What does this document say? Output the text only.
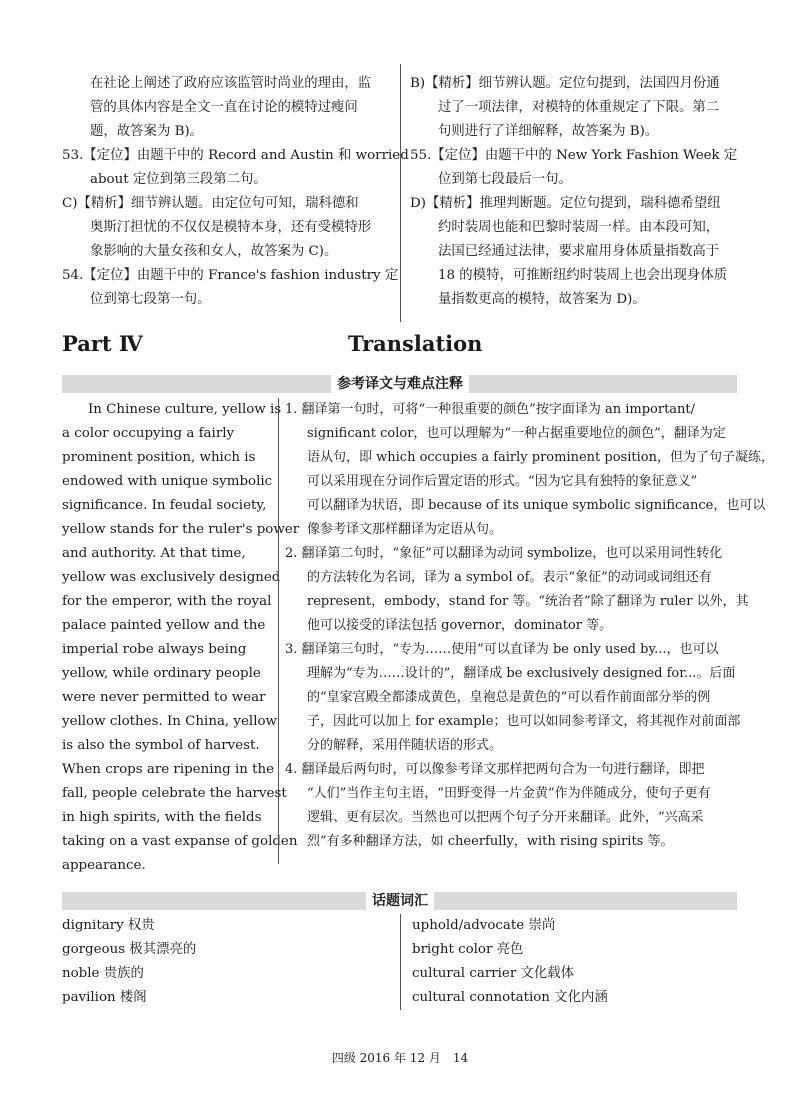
在社论上阐述了政府应该监管时尚业的理由，监
管的具体内容是全文一直在讨论的模特过瘦问
题，故答案为 B)。
53.【定位】由题干中的 Record and Austin 和 worried
about 定位到第三段第二句。
C)【精析】细节辨认题。由定位句可知，瑞科德和
奥斯汀担忧的不仅仅是模特本身，还有受模特形
象影响的大量女孩和女人，故答案为 C)。
54.【定位】由题干中的 France's fashion industry 定
位到第七段第一句。
B)【精析】细节辨认题。定位句提到，法国四月份通
过了一项法律，对模特的体重规定了下限。第二
句则进行了详细解释，故答案为 B)。
55.【定位】由题干中的 New York Fashion Week 定
位到第七段最后一句。
D)【精析】推理判断题。定位句提到，瑞科德希望纽
约时装周也能和巴黎时装周一样。由本段可知，
法国已经通过法律，要求雇用身体质量指数高于
18 的模特，可推断纽约时装周上也会出现身体质
量指数更高的模特，故答案为 D)。
Part Ⅳ	Translation
参考译文与难点注释
In Chinese culture, yellow is
a color occupying a fairly
prominent position, which is
endowed with unique symbolic
significance. In feudal society,
yellow stands for the ruler's power
and authority. At that time,
yellow was exclusively designed
for the emperor, with the royal
palace painted yellow and the
imperial robe always being
yellow, while ordinary people
were never permitted to wear
yellow clothes. In China, yellow
is also the symbol of harvest.
When crops are ripening in the
fall, people celebrate the harvest
in high spirits, with the fields
taking on a vast expanse of golden
appearance.
1. 翻译第一句时，可将“一种很重要的颜色”按字面译为 an important/
significant color，也可以理解为“一种占据重要地位的颜色”，翻译为定
语从句，即 which occupies a fairly prominent position，但为了句子凝练，
可以采用现在分词作后置定语的形式。“因为它具有独特的象征意义”
可以翻译为状语，即 because of its unique symbolic significance，也可以
像参考译文那样翻译为定语从句。
2. 翻译第二句时，“象征”可以翻译为动词 symbolize，也可以采用词性转化
的方法转化为名词，译为 a symbol of。表示“象征”的动词或词组还有
represent，embody，stand for 等。“统治者”除了翻译为 ruler 以外，其
他可以接受的译法包括 governor，dominator 等。
3. 翻译第三句时，“专为……使用”可以直译为 be only used by...，也可以
理解为“专为……设计的”，翻译成 be exclusively designed for...。后面
的“皇家宫殿全都漆成黄色，皇袍总是黄色的”可以看作前面部分举的例
子，因此可以加上 for example；也可以如同参考译文，将其视作对前面部
分的解释，采用伴随状语的形式。
4. 翻译最后两句时，可以像参考译文那样把两句合为一句进行翻译，即把
“人们”当作主句主语，“田野变得一片金黄”作为伴随成分，使句子更有
逻辑、更有层次。当然也可以把两个句子分开来翻译。此外，“兴高采
烈”有多种翻译方法，如 cheerfully，with rising spirits 等。
话题词汇
dignitary 权贵
gorgeous 极其漂亮的
noble 贵族的
pavilion 楼阁
uphold/advocate 崇尚
bright color 亮色
cultural carrier 文化载体
cultural connotation 文化内涵
四级 2016 年 12 月　14
